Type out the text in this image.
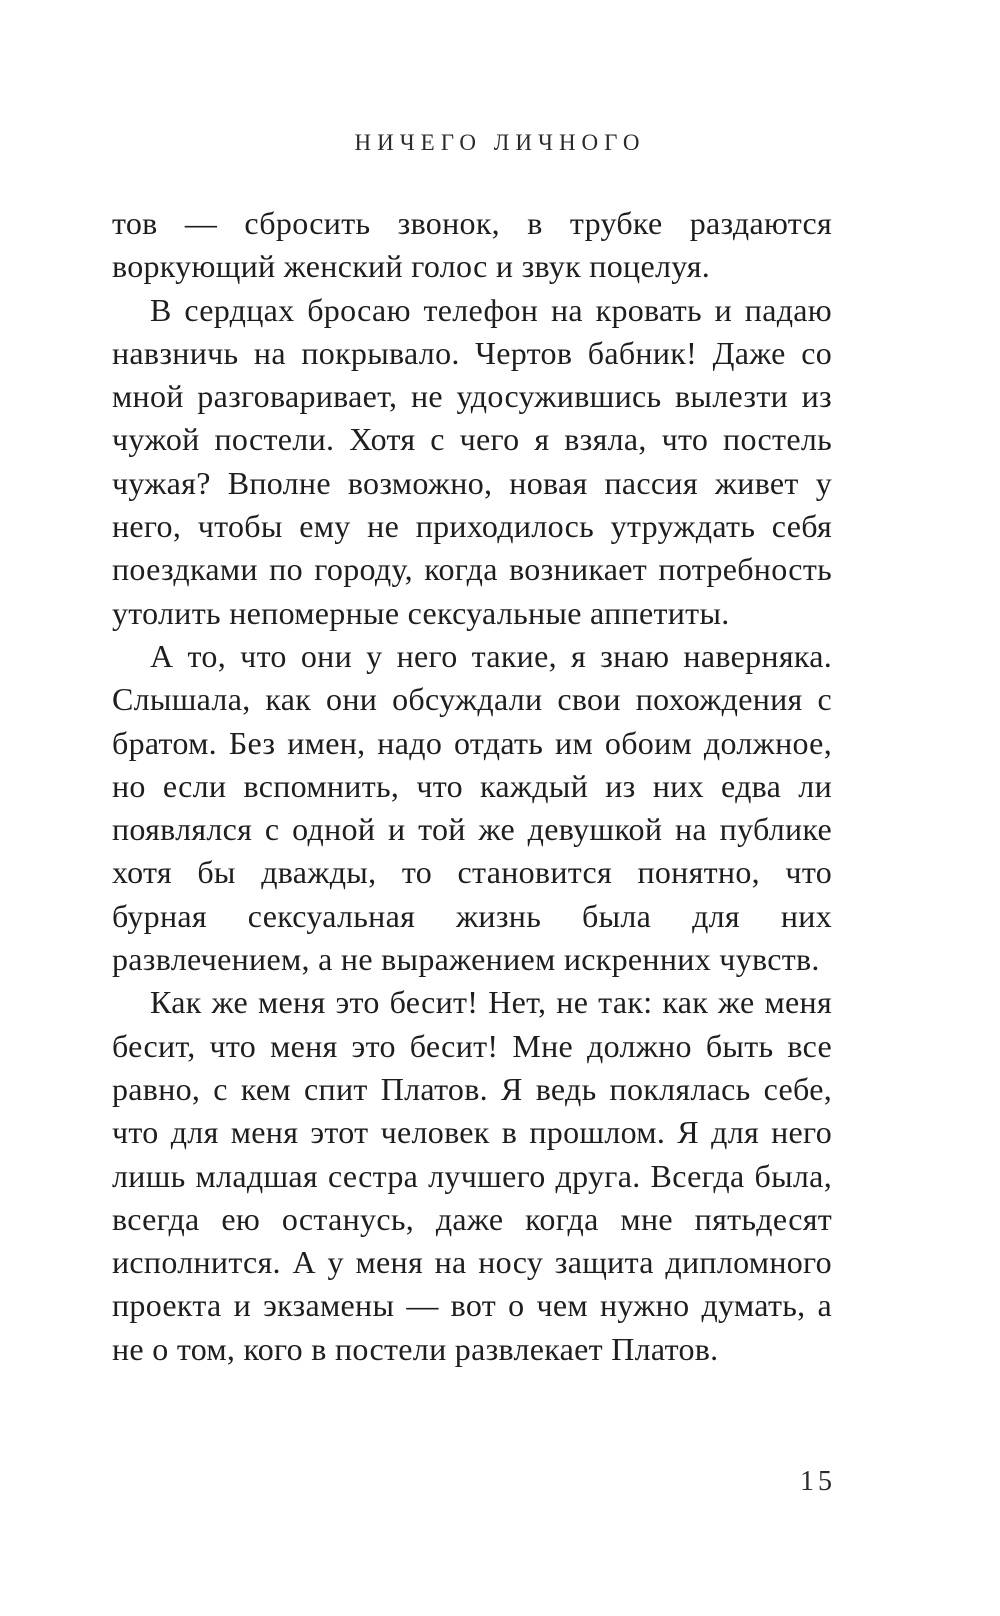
НИЧЕГО ЛИЧНОГО

тов — сбросить звонок, в трубке раздаются воркующий женский голос и звук поцелуя.

В сердцах бросаю телефон на кровать и падаю навзничь на покрывало. Чертов бабник! Даже со мной разговаривает, не удосужившись вылезти из чужой постели. Хотя с чего я взяла, что постель чужая? Вполне возможно, новая пассия живет у него, чтобы ему не приходилось утруждать себя поездками по городу, когда возникает потребность утолить непомерные сексуальные аппетиты.

А то, что они у него такие, я знаю наверняка. Слышала, как они обсуждали свои похождения с братом. Без имен, надо отдать им обоим должное, но если вспомнить, что каждый из них едва ли появлялся с одной и той же девушкой на публике хотя бы дважды, то становится понятно, что бурная сексуальная жизнь была для них развлечением, а не выражением искренних чувств.

Как же меня это бесит! Нет, не так: как же меня бесит, что меня это бесит! Мне должно быть все равно, с кем спит Платов. Я ведь поклялась себе, что для меня этот человек в прошлом. Я для него лишь младшая сестра лучшего друга. Всегда была, всегда ею останусь, даже когда мне пятьдесят исполнится. А у меня на носу защита дипломного проекта и экзамены — вот о чем нужно думать, а не о том, кого в постели развлекает Платов.

15
